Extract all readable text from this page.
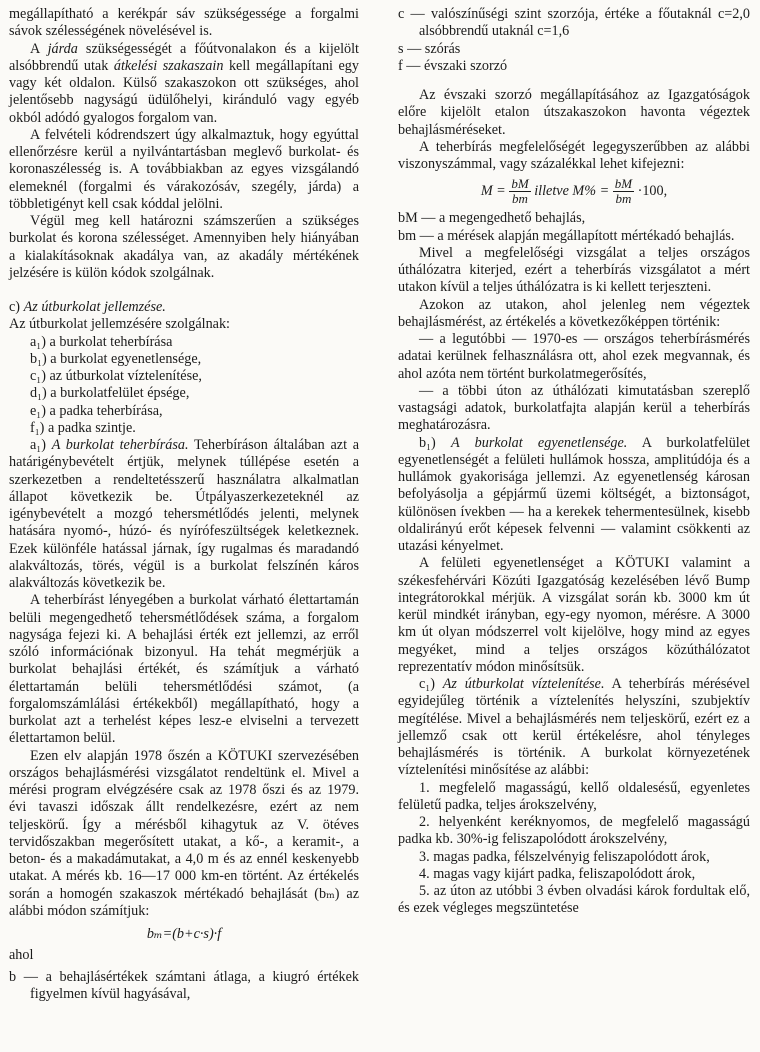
megállapítható a kerékpár sáv szükségessége a forgalmi sávok szélességének növelésével is.

A járda szükségességét a főútvonalakon és a kijelölt alsóbbrendű utak átkelési szakaszain kell megállapítani egy vagy két oldalon. Külső szakaszokon ott szükséges, ahol jelentősebb nagyságú üdülőhelyi, kiránduló vagy egyéb okból adódó gyalogos forgalom van.

A felvételi kódrendszert úgy alkalmaztuk, hogy egyúttal ellenőrzésre kerül a nyilvántartásban meglevő burkolat- és koronaszélesség is. A továbbiakban az egyes vizsgálandó elemeknél (forgalmi és várakozósáv, szegély, járda) a többletigényt kell csak kóddal jelölni.

Végül meg kell határozni számszerűen a szükséges burkolat és korona szélességet. Amennyiben hely hiányában a kialakításoknak akadálya van, az akadály mértékének jelzésére is külön kódok szolgálnak.

c) Az útburkolat jellemzése.

Az útburkolat jellemzésére szolgálnak:

a₁) a burkolat teherbírása

b₁) a burkolat egyenetlensége,

c₁) az útburkolat víztelenítése,

d₁) a burkolatfelület épsége,

e₁) a padka teherbírása,

f₁) a padka szintje.

a₁) A burkolat teherbírása. Teherbíráson általában azt a határigénybevételt értjük, melynek túllépése esetén a szerkezetben a rendeltetésszerű használatra alkalmatlan állapot következik be. Útpályaszerkezeteknél az igénybevételt a mozgó tehersmétlődés jelenti, melynek hatására nyomó-, húzó- és nyírófeszültségek keletkeznek. Ezek különféle hatással járnak, így rugalmas és maradandó alakváltozás, törés, végül is a burkolat felszínén káros alakváltozás következik be.

A teherbírást lényegében a burkolat várható élettartamán belüli megengedhető tehersmétlődések száma, a forgalom nagysága fejezi ki. A behajlási érték ezt jellemzi, az erről szóló információnak bizonyul. Ha tehát megmérjük a burkolat behajlási értékét, és számítjuk a várható élettartamán belüli tehersmétlődési számot, (a forgalomszámlálási értékekből) megállapítható, hogy a burkolat azt a terhelést képes lesz-e elviselni a tervezett élettartamon belül.

Ezen elv alapján 1978 őszén a KÖTUKI szervezésében országos behajlásmérési vizsgálatot rendeltünk el. Mivel a mérési program elvégzésére csak az 1978 őszi és az 1979. évi tavaszi időszak állt rendelkezésre, ezért az nem teljeskörű. Így a mérésből kihagytuk az V. ötéves tervidőszakban megerősített utakat, a kő-, a keramit-, a beton- és a makadámutakat, a 4,0 m és az ennél keskenyebb utakat. A mérés kb. 16—17 000 km-en történt. Az értékelés során a homogén szakaszok mértékadó behajlását (bₘ) az alábbi módon számítjuk:

bₘ=(b+c·s)·f

ahol

b — a behajlásértékek számtani átlaga, a kiugró értékek figyelmen kívül hagyásával,

c — valószínűségi szint szorzója, értéke a főutaknál c=2,0 alsóbbrendű utaknál c=1,6

s — szórás

f — évszaki szorzó

Az évszaki szorzó megállapításához az Igazgatóságok előre kijelölt etalon útszakaszokon havonta végeztek behajlásméréseket.

A teherbírás megfelelőségét legegyszerűbben az alábbi viszonyszámmal, vagy százalékkal lehet kifejezni:

$M = \frac{bM}{bm}$ illetve $M\% = \frac{bM}{bm} \cdot 100$,

bM — a megengedhető behajlás,

bm — a mérések alapján megállapított mértékadó behajlás.

Mivel a megfelelőségi vizsgálat a teljes országos úthálózatra kiterjed, ezért a teherbírás vizsgálatot a mért utakon kívül a teljes úthálózatra is ki kellett terjeszteni.

Azokon az utakon, ahol jelenleg nem végeztek behajlásmérést, az értékelés a következőképpen történik:

— a legutóbbi — 1970-es — országos teherbírásmérés adatai kerülnek felhasználásra ott, ahol ezek megvannak, és ahol azóta nem történt burkolatmegerősítés,

— a többi úton az úthálózati kimutatásban szereplő vastagsági adatok, burkolatfajta alapján kerül a teherbírás meghatározásra.

b₁) A burkolat egyenetlensége. A burkolatfelület egyenetlenségét a felületi hullámok hossza, amplitúdója és a hullámok gyakorisága jellemzi. Az egyenetlenség károsan befolyásolja a gépjármű üzemi költségét, a biztonságot, különösen ívekben — ha a kerekek tehermentesülnek, kisebb oldalirányú erőt képesek felvenni — valamint csökkenti az utazási kényelmet.

A felületi egyenetlenséget a KÖTUKI valamint a székesfehérvári Közúti Igazgatóság kezelésében lévő Bump integrátorokkal mérjük. A vizsgálat során kb. 3000 km út kerül mindkét irányban, egy-egy nyomon, mérésre. A 3000 km út olyan módszerrel volt kijelölve, hogy mind az egyes megyéket, mind a teljes országos közúthálózatot reprezentatív módon minősítsük.

c₁) Az útburkolat víztelenítése. A teherbírás mérésével egyidejűleg történik a víztelenítés helyszíni, szubjektív megítélése. Mivel a behajlásmérés nem teljeskörű, ezért ez a jellemző csak ott kerül értékelésre, ahol tényleges behajlásmérés is történik. A burkolat környezetének víztelenítési minősítése az alábbi:

1. megfelelő magasságú, kellő oldalesésű, egyenletes felületű padka, teljes árokszelvény,

2. helyenként keréknyomos, de megfelelő magasságú padka kb. 30%-ig feliszapolódott árokszelvény,

3. magas padka, félszelvényig feliszapolódott árok,

4. magas vagy kijárt padka, feliszapolódott árok,

5. az úton az utóbbi 3 évben olvadási károk fordultak elő, és ezek végleges megszüntetése
